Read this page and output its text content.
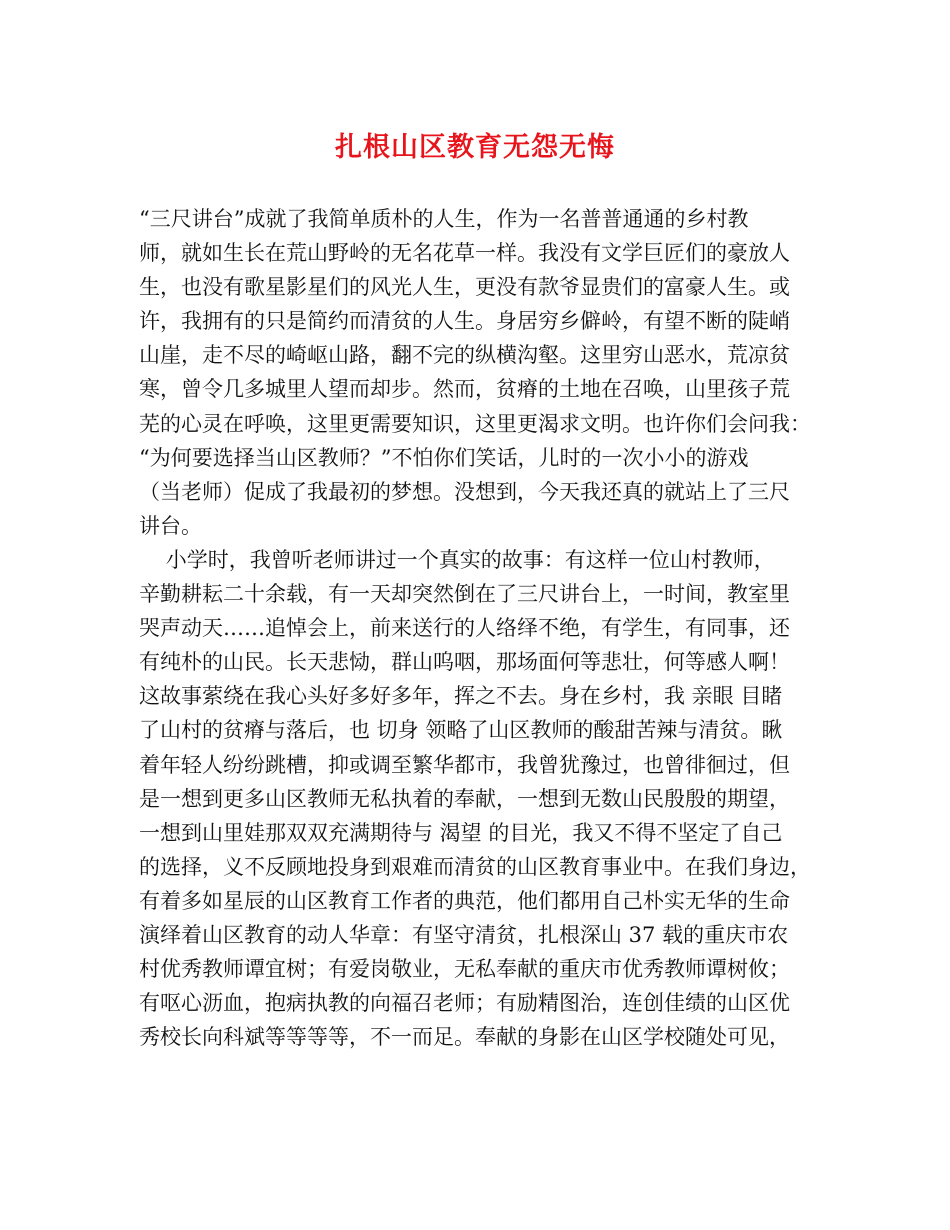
扎根山区教育无怨无悔
“三尺讲台”成就了我简单质朴的人生，作为一名普普通通的乡村教
师，就如生长在荒山野岭的无名花草一样。我没有文学巨匠们的豪放人
生，也没有歌星影星们的风光人生，更没有款爷显贵们的富豪人生。或
许，我拥有的只是简约而清贫的人生。身居穷乡僻岭，有望不断的陡峭
山崖，走不尽的崎岖山路，翻不完的纵横沟壑。这里穷山恶水，荒凉贫
寒，曾令几多城里人望而却步。然而，贫瘠的土地在召唤，山里孩子荒
芜的心灵在呼唤，这里更需要知识，这里更渴求文明。也许你们会问我：
“为何要选择当山区教师？”不怕你们笑话，儿时的一次小小的游戏
（当老师）促成了我最初的梦想。没想到，今天我还真的就站上了三尺
讲台。
小学时，我曾听老师讲过一个真实的故事：有这样一位山村教师，
辛勤耕耘二十余载，有一天却突然倒在了三尺讲台上，一时间，教室里
哭声动天……追悼会上，前来送行的人络绎不绝，有学生，有同事，还
有纯朴的山民。长天悲恸，群山呜咽，那场面何等悲壮，何等感人啊！
这故事萦绕在我心头好多好多年，挥之不去。身在乡村，我 亲眼 目睹
了山村的贫瘠与落后，也 切身 领略了山区教师的酸甜苦辣与清贫。瞅
着年轻人纷纷跳槽，抑或调至繁华都市，我曾犹豫过，也曾徘徊过，但
是一想到更多山区教师无私执着的奉献，一想到无数山民殷殷的期望，
一想到山里娃那双双充满期待与 渴望 的目光，我又不得不坚定了自己
的选择，义不反顾地投身到艰难而清贫的山区教育事业中。在我们身边，
有着多如星辰的山区教育工作者的典范，他们都用自己朴实无华的生命
演绎着山区教育的动人华章：有坚守清贫，扎根深山 37 载的重庆市农
村优秀教师谭宜树；有爱岗敬业，无私奉献的重庆市优秀教师谭树攸；
有呕心沥血，抱病执教的向福召老师；有励精图治，连创佳绩的山区优
秀校长向科斌等等等等，不一而足。奉献的身影在山区学校随处可见，
